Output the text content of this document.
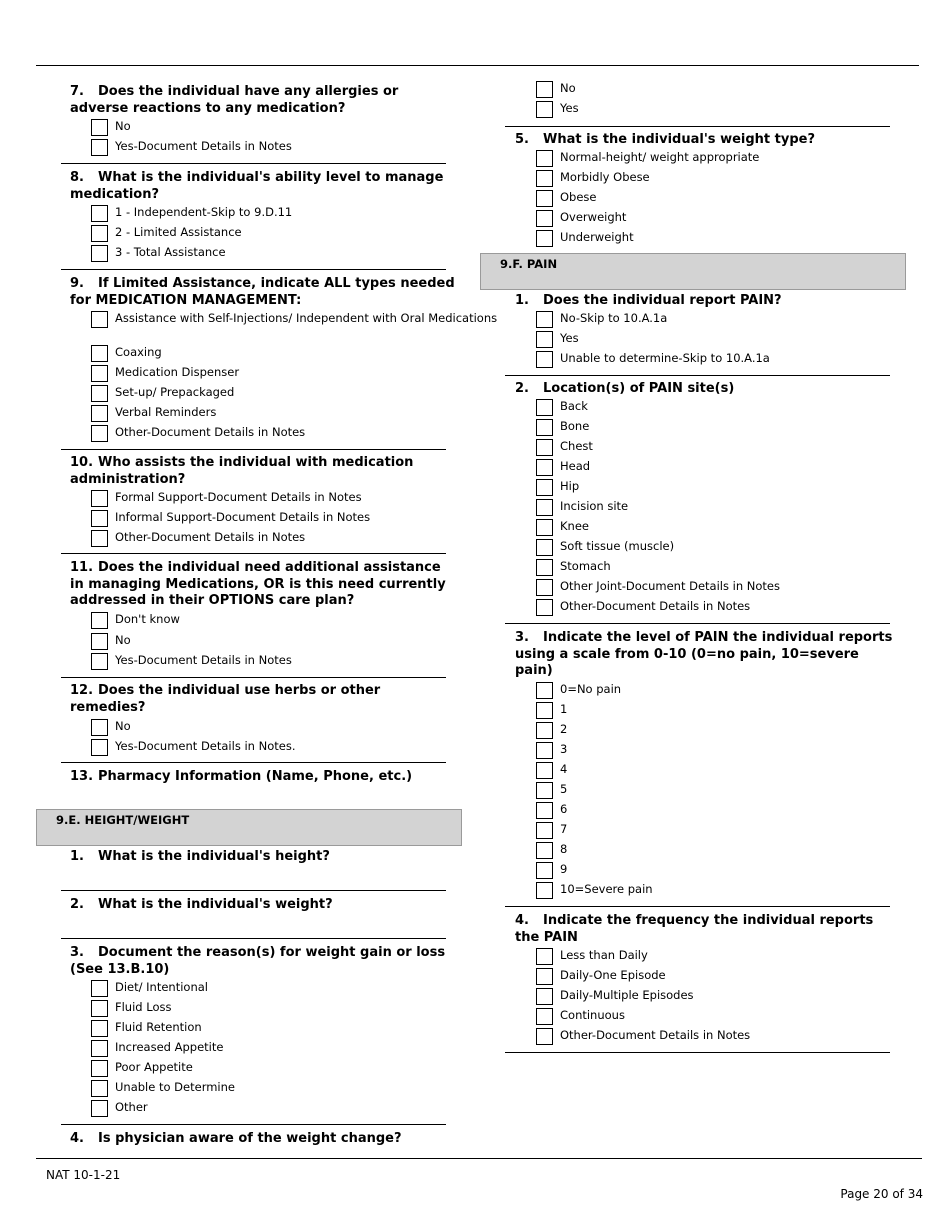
7. Does the individual have any allergies or adverse reactions to any medication?

No
Yes-Document Details in Notes

8. What is the individual's ability level to manage medication?

1 - Independent-Skip to 9.D.11
2 - Limited Assistance
3 - Total Assistance

9. If Limited Assistance, indicate ALL types needed for MEDICATION MANAGEMENT:

Assistance with Self-Injections/ Independent with Oral Medications
Coaxing
Medication Dispenser
Set-up/ Prepackaged
Verbal Reminders
Other-Document Details in Notes

10. Who assists the individual with medication administration?

Formal Support-Document Details in Notes
Informal Support-Document Details in Notes
Other-Document Details in Notes

11. Does the individual need additional assistance in managing Medications, OR is this need currently addressed in their OPTIONS care plan?

Don't know
No
Yes-Document Details in Notes

12. Does the individual use herbs or other remedies?

No
Yes-Document Details in Notes.

13. Pharmacy Information (Name, Phone, etc.)

9.E. HEIGHT/WEIGHT

1. What is the individual's height?

2. What is the individual's weight?

3. Document the reason(s) for weight gain or loss (See 13.B.10)

Diet/ Intentional
Fluid Loss
Fluid Retention
Increased Appetite
Poor Appetite
Unable to Determine
Other

4. Is physician aware of the weight change?

No
Yes

5. What is the individual's weight type?

Normal-height/ weight appropriate
Morbidly Obese
Obese
Overweight
Underweight
9.F. PAIN

1. Does the individual report PAIN?

No-Skip to 10.A.1a
Yes
Unable to determine-Skip to 10.A.1a

2. Location(s) of PAIN site(s)

Back
Bone
Chest
Head
Hip
Incision site
Knee
Soft tissue (muscle)
Stomach
Other Joint-Document Details in Notes
Other-Document Details in Notes

3. Indicate the level of PAIN the individual reports using a scale from 0-10 (0=no pain, 10=severe pain)

0=No pain
1
2
3
4
5
6
7
8
9
10=Severe pain

4. Indicate the frequency the individual reports the PAIN

Less than Daily
Daily-One Episode
Daily-Multiple Episodes
Continuous
Other-Document Details in Notes
NAT 10-1-21
Page 20 of 34
